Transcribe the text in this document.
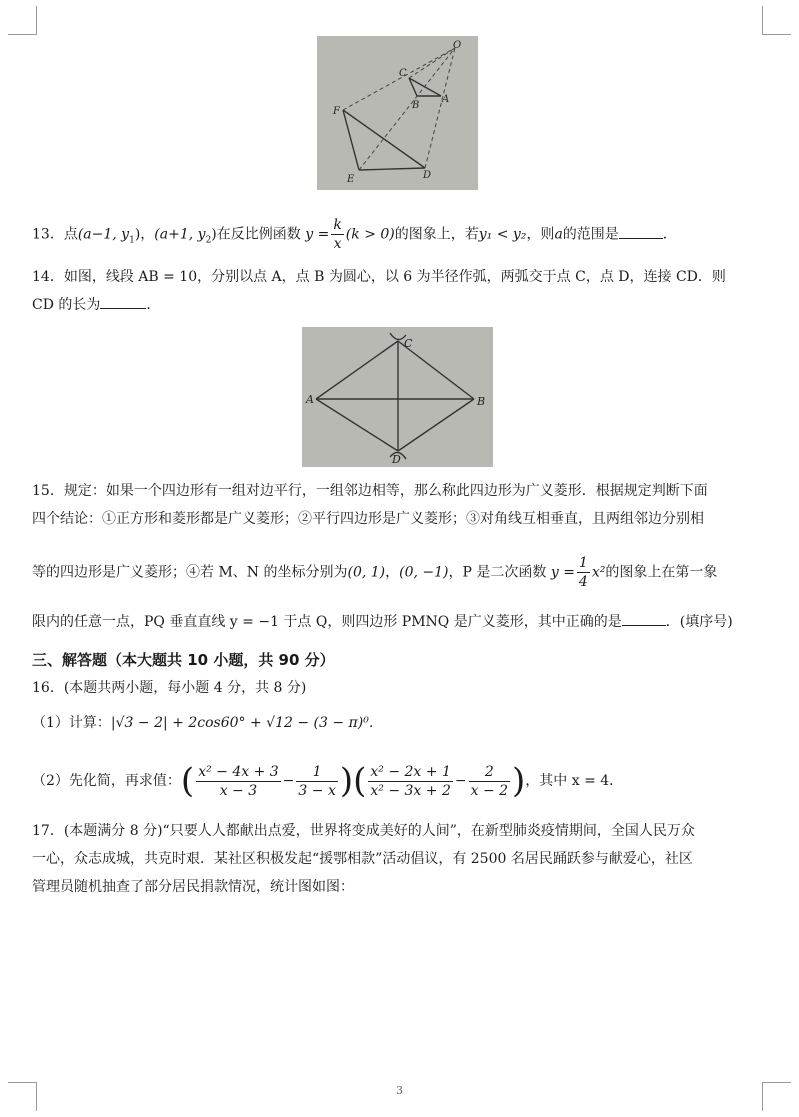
O
C
B
A
F
E	D
13．点(a−1, $y_1$)，(a+1, $y_2$)在反比例函数 $y = \frac{k}{x} (k > 0)$的图象上，若y₁ < y₂，则a的范围是	．
14．如图，线段 AB = 10，分别以点 A，点 B 为圆心，以 6 为半径作弧，两弧交于点 C，点 D，连接 CD．则
CD 的长为	．
A	B
C
D
15．规定：如果一个四边形有一组对边平行，一组邻边相等，那么称此四边形为广义菱形．根据规定判断下面
四个结论：①正方形和菱形都是广义菱形；②平行四边形是广义菱形；③对角线互相垂直，且两组邻边分别相
等的四边形是广义菱形；④若 M、N 的坐标分别为(0, 1)，(0, −1)，P 是二次函数 $y = \frac{1}{4} x^2$的图象上在第一象
限内的任意一点，PQ 垂直直线 y = −1 于点 Q，则四边形 PMNQ 是广义菱形，其中正确的是	．(填序号)
三、解答题（本大题共 10 小题，共 90 分）
16．(本题共两小题，每小题 4 分，共 8 分)
（1）计算：|√3 − 2| + 2cos60° + √12 − (3 − π)⁰．
（2）先化简，再求值：( $\frac{\text{x² − 4x + 3}}{x - 3} - \frac{1}{3 - x}$ )( $\frac{\text{x² − 2x + 1}}{\text{x² − 3x + 2}} - \frac{2}{x - 2}$ )，其中 x = 4．
17．(本题满分 8 分)“只要人人都献出点爱，世界将变成美好的人间”，在新型肺炎疫情期间，全国人民万众
一心，众志成城，共克时艰．某社区积极发起“援鄂相款”活动倡议，有 2500 名居民踊跃参与献爱心，社区
管理员随机抽查了部分居民捐款情况，统计图如图：
3
